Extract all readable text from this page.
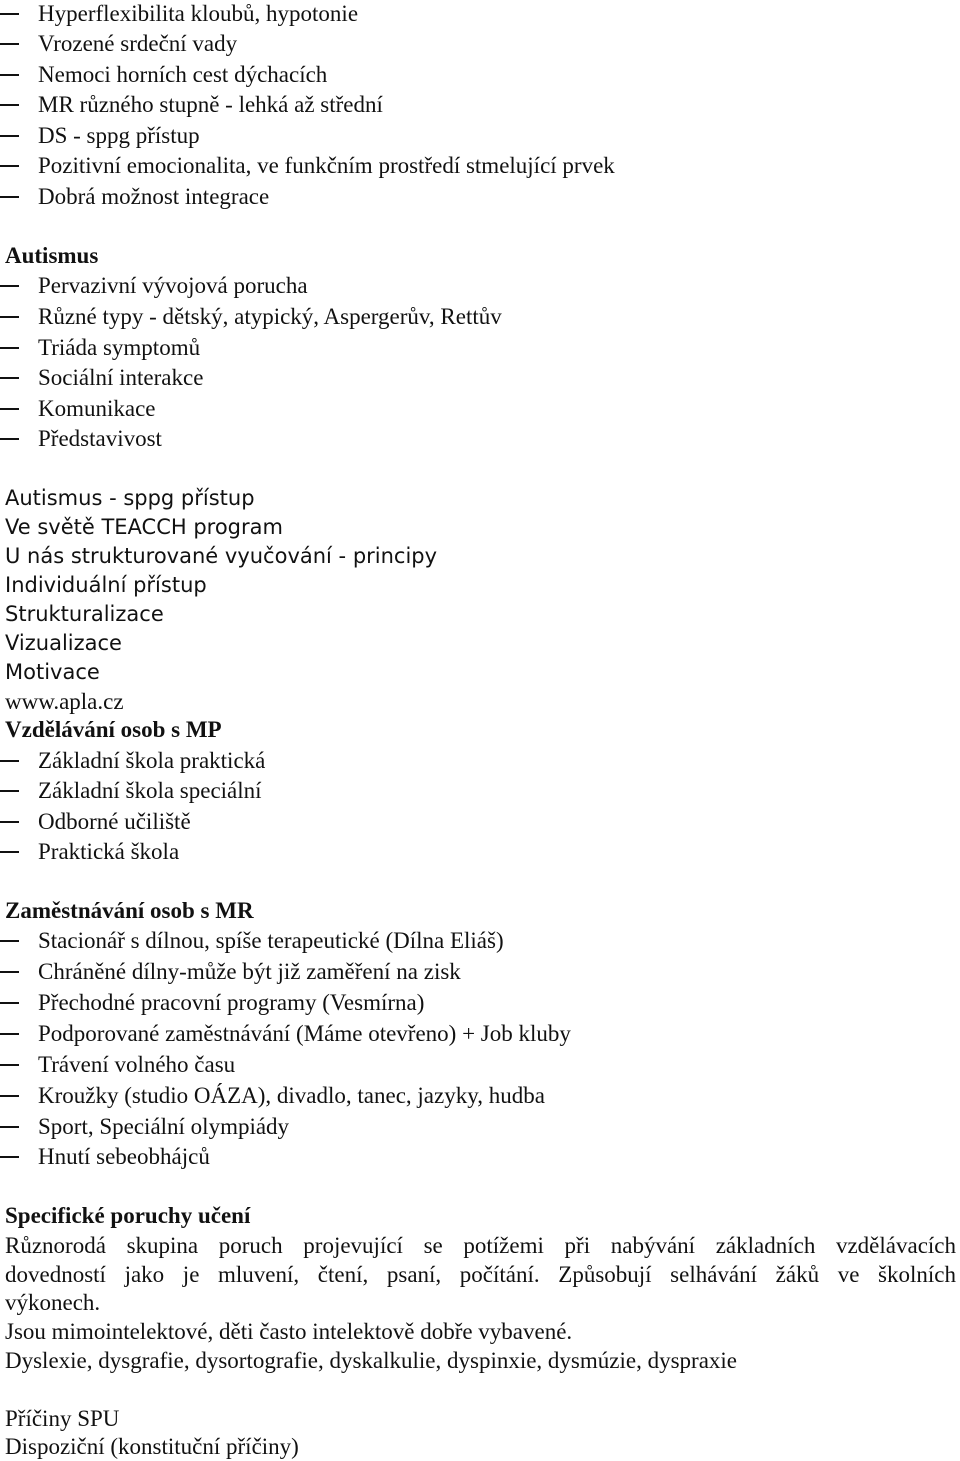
Hyperflexibilita kloubů, hypotonie
Vrozené srdeční vady
Nemoci horních cest dýchacích
MR různého stupně - lehká až střední
DS - sppg přístup
Pozitivní emocionalita, ve funkčním prostředí stmelující prvek
Dobrá možnost integrace
Autismus
Pervazivní vývojová porucha
Různé typy - dětský, atypický, Aspergerův, Rettův
Triáda symptomů
Sociální interakce
Komunikace
Představivost
Autismus - sppg přístup
Ve světě TEACCH program
U nás strukturované vyučování - principy
Individuální přístup
Strukturalizace
Vizualizace
Motivace
www.apla.cz
Vzdělávání osob s MP
Základní škola praktická
Základní škola speciální
Odborné učiliště
Praktická škola
Zaměstnávání osob s MR
Stacionář s dílnou, spíše terapeutické (Dílna Eliáš)
Chráněné dílny-může být již zaměření na zisk
Přechodné pracovní programy (Vesmírna)
Podporované zaměstnávání (Máme otevřeno) + Job kluby
Trávení volného času
Kroužky (studio OÁZA), divadlo, tanec, jazyky, hudba
Sport, Speciální olympiády
Hnutí sebeobhájců
Specifické poruchy učení
Různorodá skupina poruch projevující se potížemi při nabývání základních vzdělávacích
dovedností jako je mluvení, čtení, psaní, počítání. Způsobují selhávání žáků ve školních
výkonech.
Jsou mimointelektové, děti často intelektově dobře vybavené.
Dyslexie, dysgrafie, dysortografie, dyskalkulie, dyspinxie, dysmúzie, dyspraxie
Příčiny SPU
Dispoziční (konstituční příčiny)
